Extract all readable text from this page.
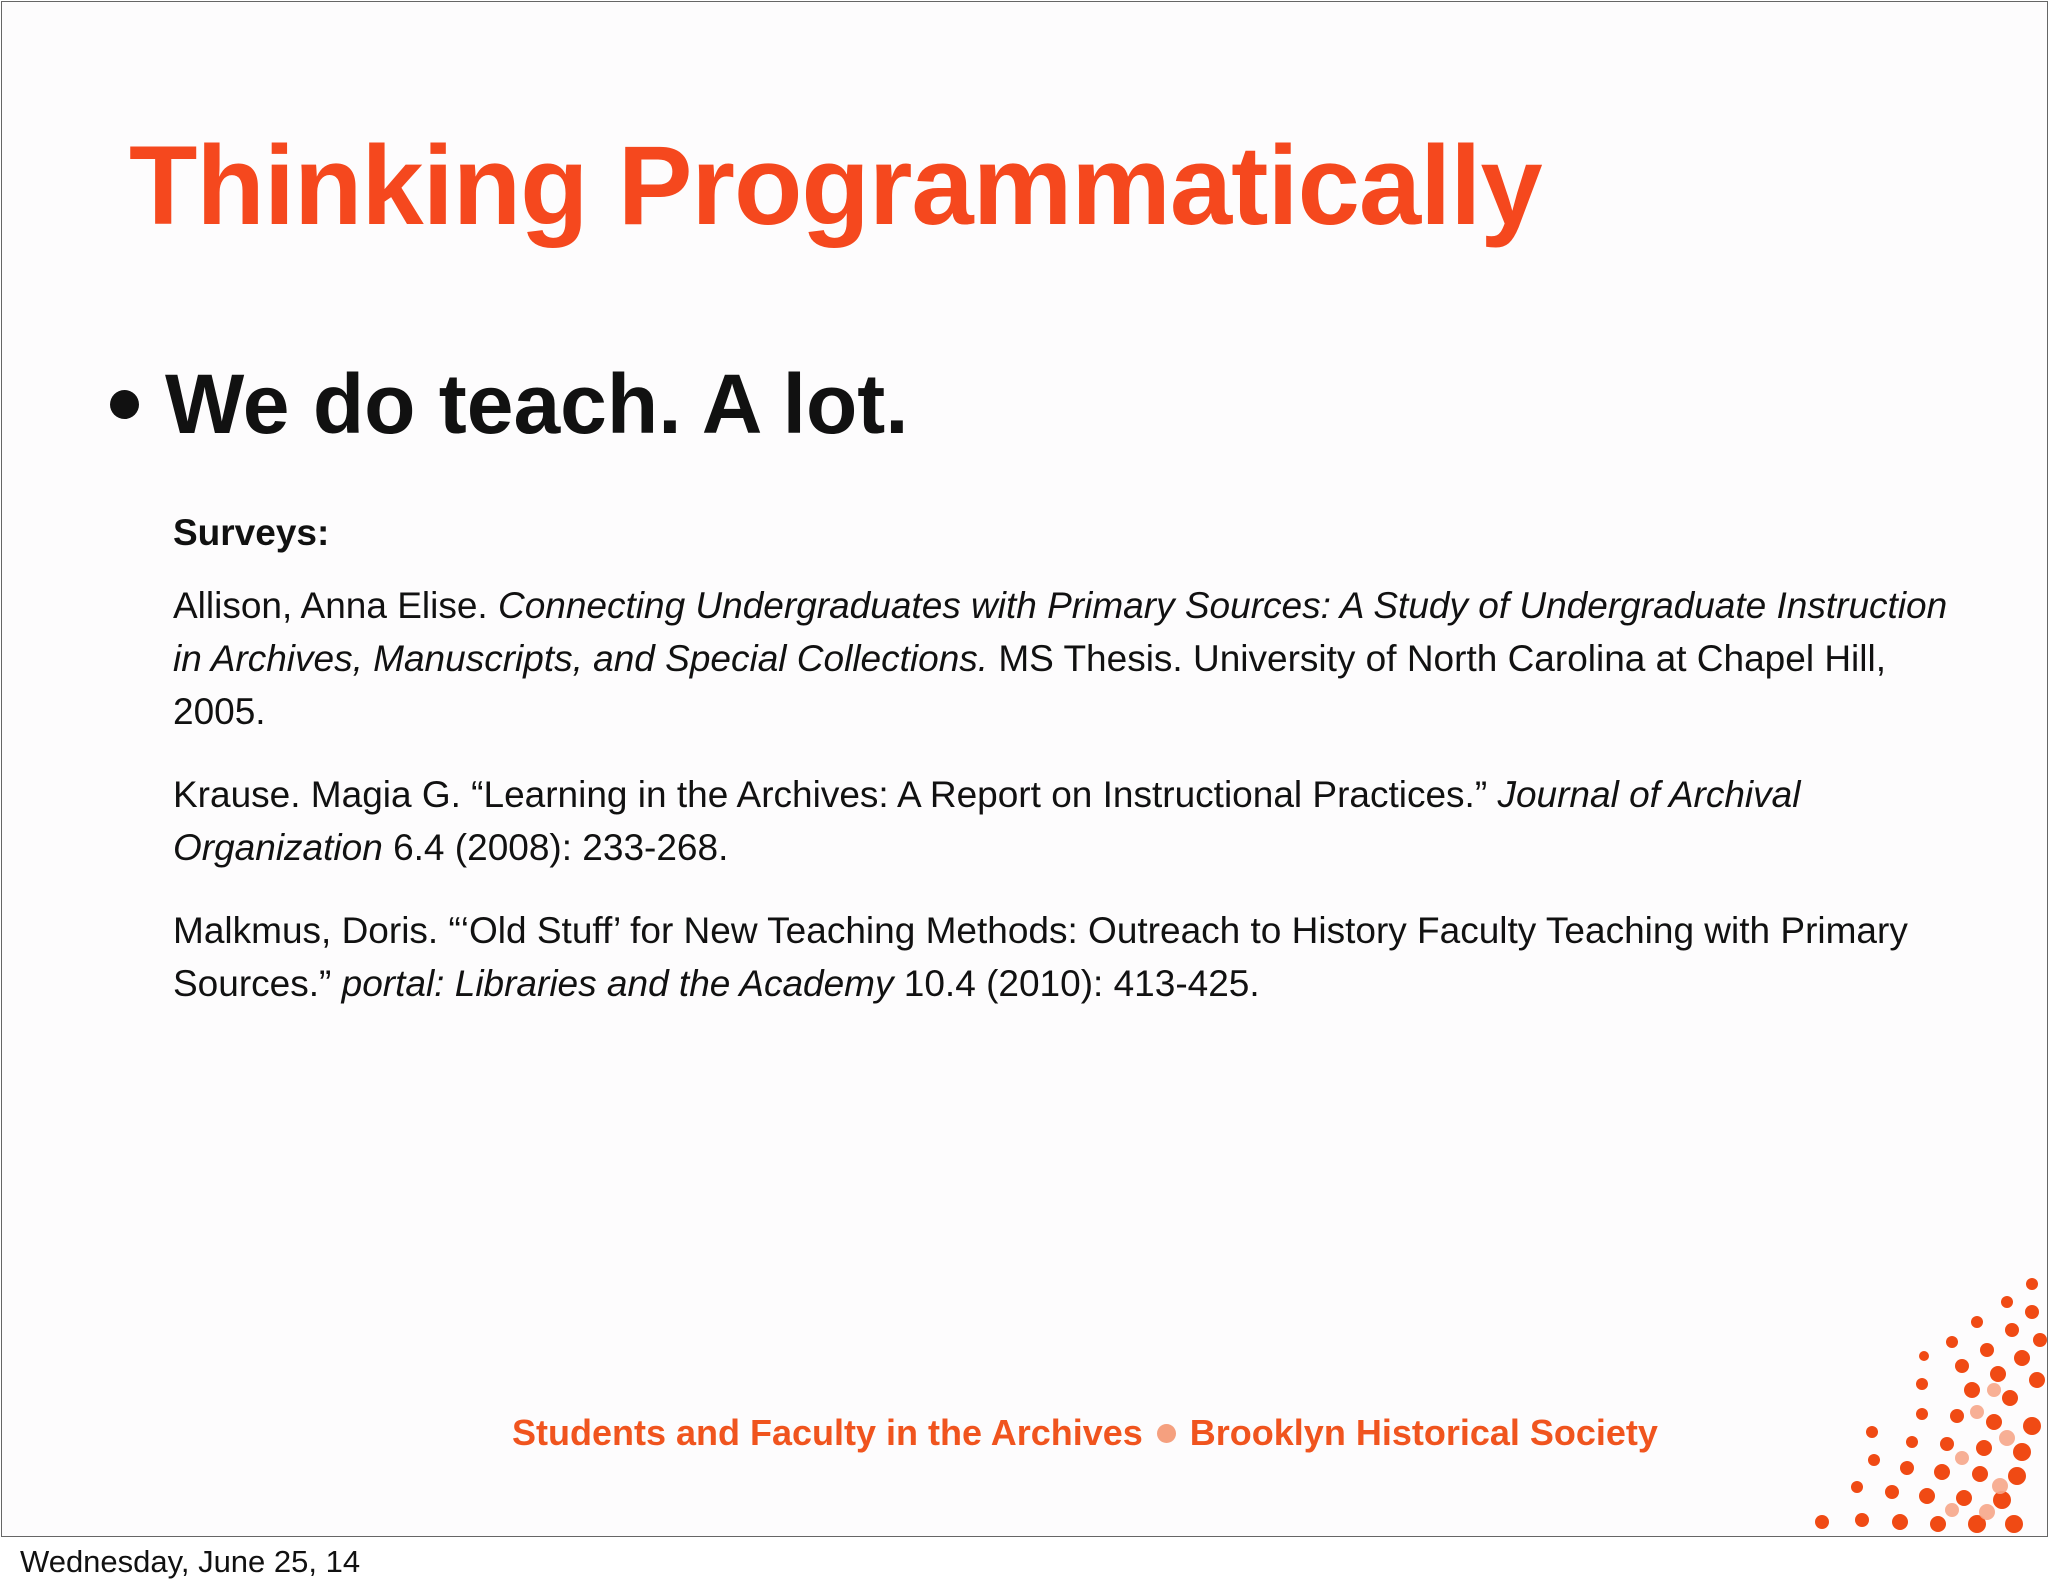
Thinking Programmatically
We do teach. A lot.

Surveys:

Allison, Anna Elise. Connecting Undergraduates with Primary Sources: A Study of Undergraduate Instruction in Archives, Manuscripts, and Special Collections. MS Thesis. University of North Carolina at Chapel Hill, 2005.

Krause. Magia G. “Learning in the Archives: A Report on Instructional Practices.” Journal of Archival Organization 6.4 (2008): 233-268.

Malkmus, Doris. “‘Old Stuff’ for New Teaching Methods: Outreach to History Faculty Teaching with Primary Sources.” portal: Libraries and the Academy 10.4 (2010): 413-425.

Students and Faculty in the Archives Brooklyn Historical Society
Wednesday, June 25, 14
